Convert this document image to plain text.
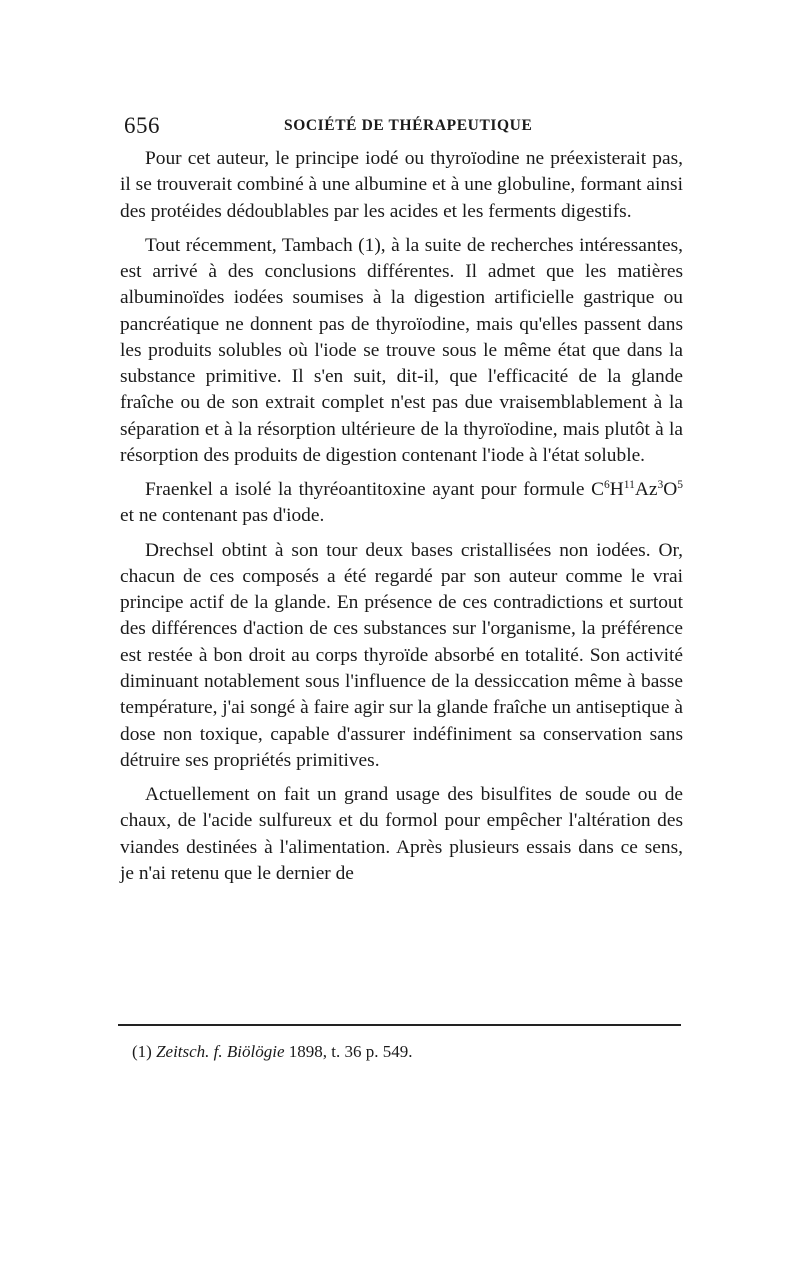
656	SOCIÉTÉ DE THÉRAPEUTIQUE

Pour cet auteur, le principe iodé ou thyroïodine ne préexisterait pas, il se trouverait combiné à une albumine et à une globuline, formant ainsi des protéides dédoublables par les acides et les ferments digestifs.

Tout récemment, Tambach (1), à la suite de recherches intéressantes, est arrivé à des conclusions différentes. Il admet que les matières albuminoïdes iodées soumises à la digestion artificielle gastrique ou pancréatique ne donnent pas de thyroïodine, mais qu'elles passent dans les produits solubles où l'iode se trouve sous le même état que dans la substance primitive. Il s'en suit, dit-il, que l'efficacité de la glande fraîche ou de son extrait complet n'est pas due vraisemblablement à la séparation et à la résorption ultérieure de la thyroïodine, mais plutôt à la résorption des produits de digestion contenant l'iode à l'état soluble.

Fraenkel a isolé la thyréoantitoxine ayant pour formule $C^6H^{11}Az^3O^5$ et ne contenant pas d'iode.

Drechsel obtint à son tour deux bases cristallisées non iodées. Or, chacun de ces composés a été regardé par son auteur comme le vrai principe actif de la glande. En présence de ces contradictions et surtout des différences d'action de ces substances sur l'organisme, la préférence est restée à bon droit au corps thyroïde absorbé en totalité. Son activité diminuant notablement sous l'influence de la dessiccation même à basse température, j'ai songé à faire agir sur la glande fraîche un antiseptique à dose non toxique, capable d'assurer indéfiniment sa conservation sans détruire ses propriétés primitives.

Actuellement on fait un grand usage des bisulfites de soude ou de chaux, de l'acide sulfureux et du formol pour empêcher l'altération des viandes destinées à l'alimentation. Après plusieurs essais dans ce sens, je n'ai retenu que le dernier de

(1) Zeitsch. f. Biölögie 1898, t. 36 p. 549.
